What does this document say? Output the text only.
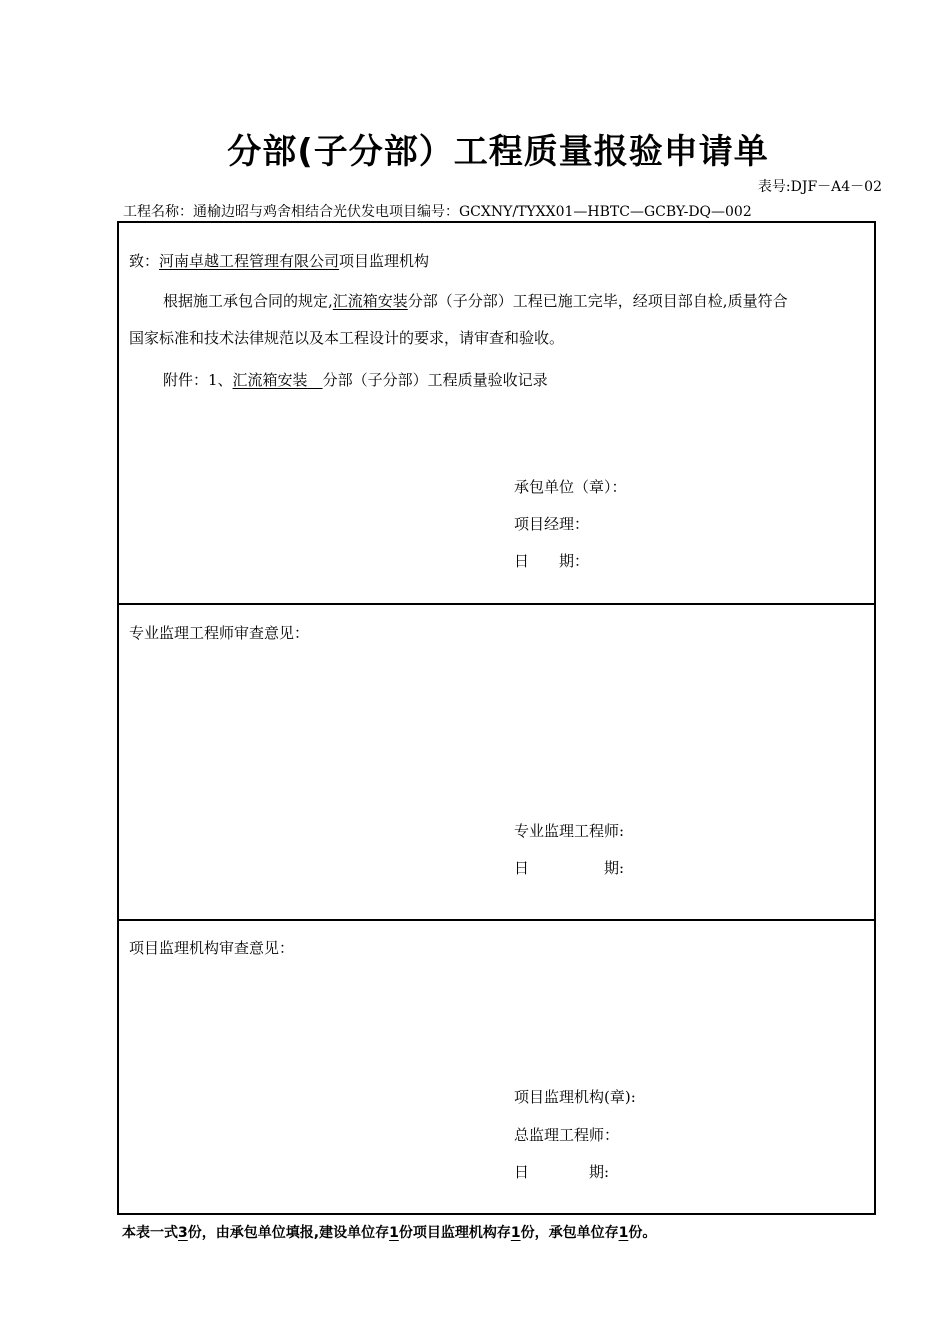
分部(子分部）工程质量报验申请单
表号:DJF－A4－02
工程名称：通榆边昭与鸡舍相结合光伏发电项目编号：GCXNY/TYXX01—HBTC—GCBY-DQ—002
致：河南卓越工程管理有限公司项目监理机构
根据施工承包合同的规定,汇流箱安装分部（子分部）工程已施工完毕，经项目部自检,质量符合
国家标准和技术法律规范以及本工程设计的要求，请审查和验收。
附件：1、汇流箱安装　 分部（子分部）工程质量验收记录
承包单位（章）：
项目经理：
日　　期：
专业监理工程师审查意见：
专业监理工程师:
日　　　　　期:
项目监理机构审查意见：
项目监理机构(章):
总监理工程师：
日　　　　期:
本表一式3份，由承包单位填报,建设单位存1份项目监理机构存1份，承包单位存1份。
